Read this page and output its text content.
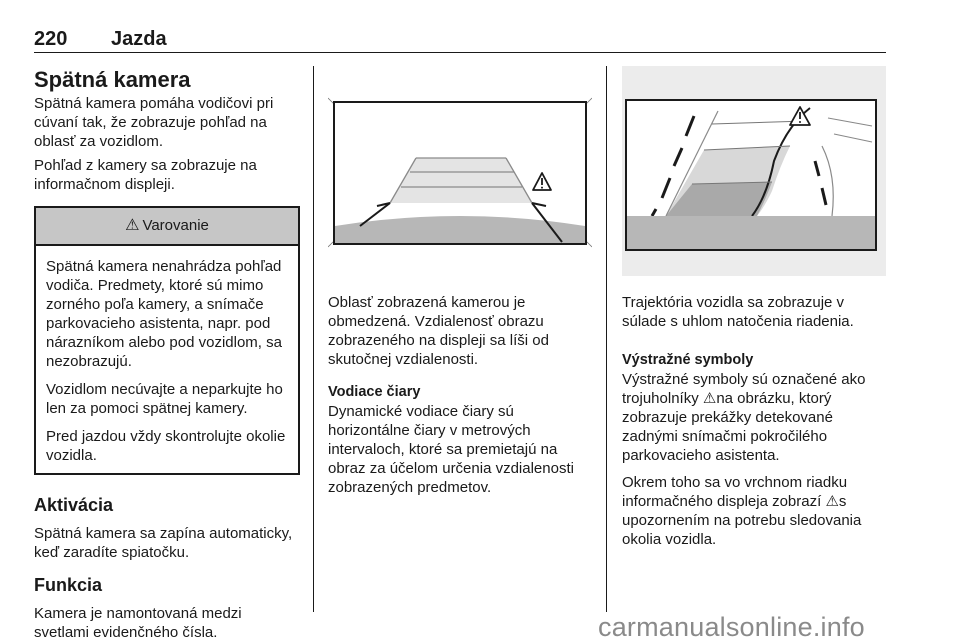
220 Jazda
Spätná kamera

Spätná kamera pomáha vodičovi pri cúvaní tak, že zobrazuje pohľad na oblasť za vozidlom.

Pohľad z kamery sa zobrazuje na informačnom displeji.

⚠ Varovanie

Spätná kamera nenahrádza pohľad vodiča. Predmety, ktoré sú mimo zorného poľa kamery, a snímače parkovacieho asistenta, napr. pod nárazníkom alebo pod vozidlom, sa nezobrazujú.

Vozidlom necúvajte a neparkujte ho len za pomoci spätnej kamery.

Pred jazdou vždy skontrolujte okolie vozidla.

Aktivácia

Spätná kamera sa zapína automaticky, keď zaradíte spiatočku.

Funkcia

Kamera je namontovaná medzi svetlami evidenčného čísla.

Oblasť zobrazená kamerou je obmedzená. Vzdialenosť obrazu zobrazeného na displeji sa líši od skutočnej vzdialenosti.

Vodiace čiary

Dynamické vodiace čiary sú horizontálne čiary v metrových intervaloch, ktoré sa premietajú na obraz za účelom určenia vzdialenosti zobrazených predmetov.

Trajektória vozidla sa zobrazuje v súlade s uhlom natočenia riadenia.

Výstražné symboly

Výstražné symboly sú označené ako trojuholníky ⚠na obrázku, ktorý zobrazuje prekážky detekované zadnými snímačmi pokročilého parkovacieho asistenta.

Okrem toho sa vo vrchnom riadku informačného displeja zobrazí ⚠s upozornením na potrebu sledovania okolia vozidla.

carmanualsonline.info
